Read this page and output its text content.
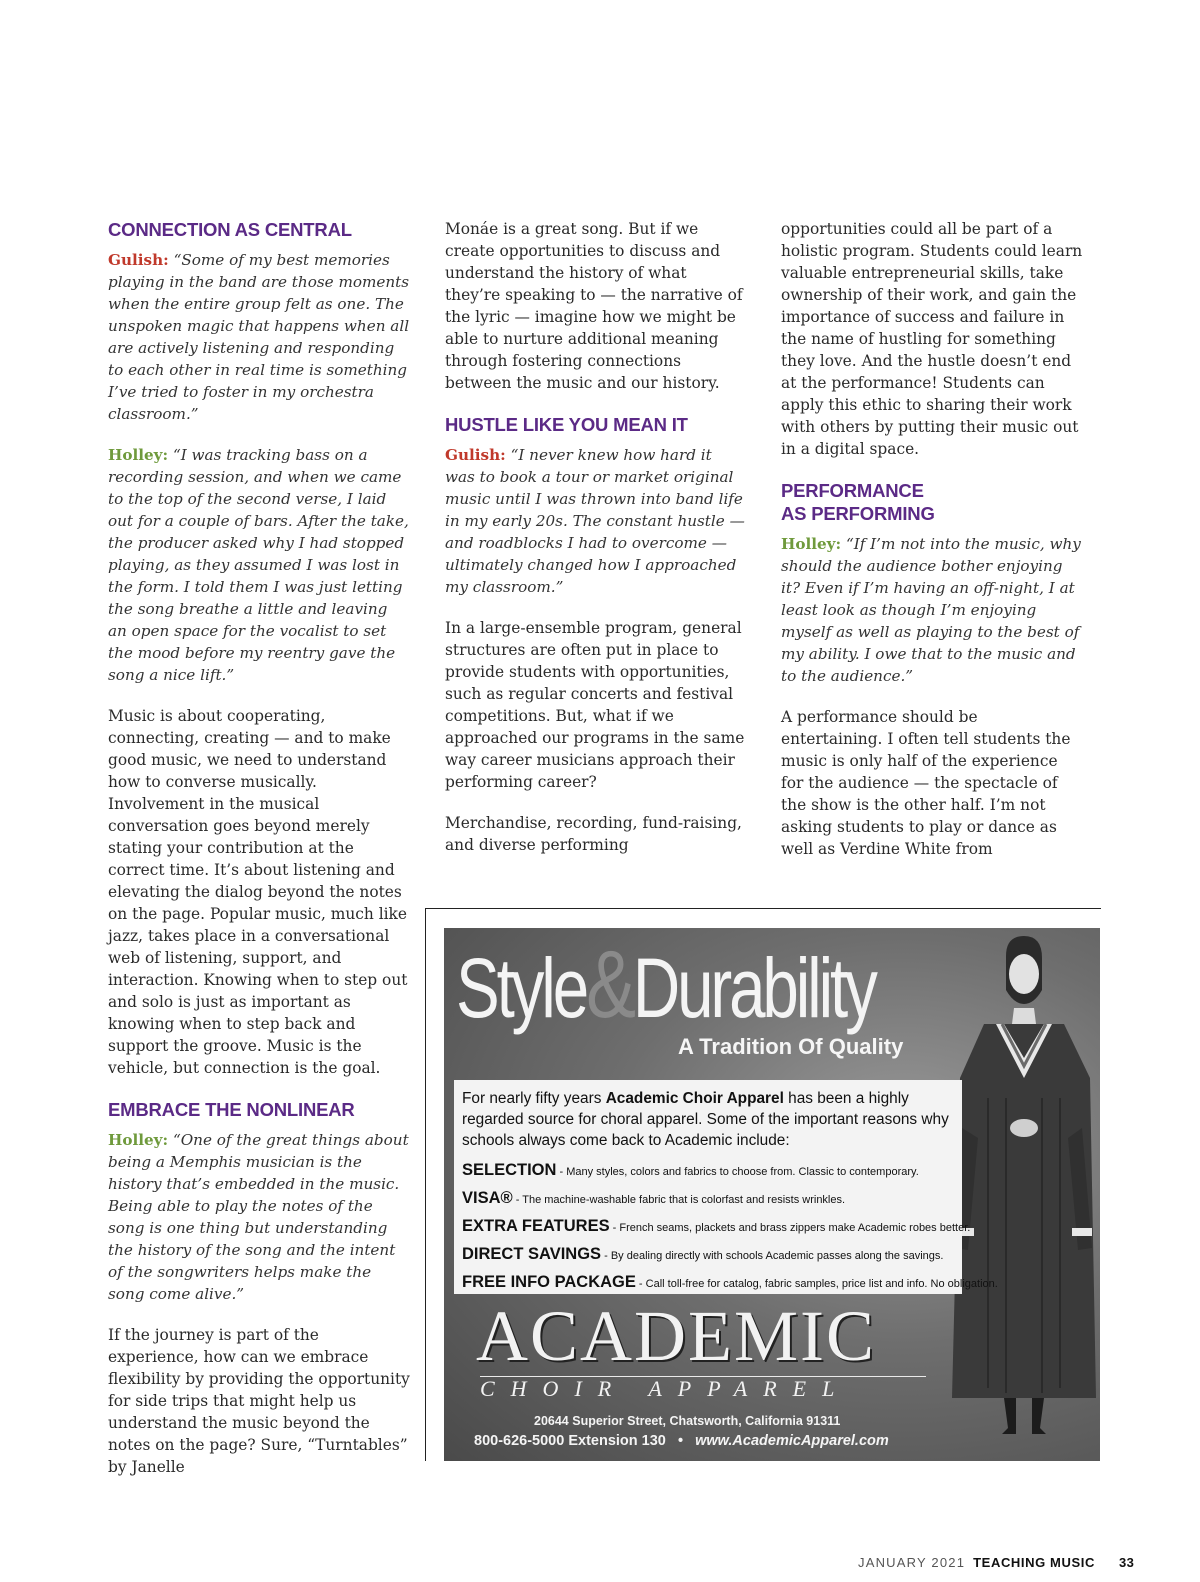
CONNECTION AS CENTRAL

Gulish: “Some of my best memories playing in the band are those moments when the entire group felt as one. The unspoken magic that happens when all are actively listening and responding to each other in real time is something I’ve tried to foster in my orchestra classroom.”

Holley: “I was tracking bass on a recording session, and when we came to the top of the second verse, I laid out for a couple of bars. After the take, the producer asked why I had stopped playing, as they assumed I was lost in the form. I told them I was just letting the song breathe a little and leaving an open space for the vocalist to set the mood before my reentry gave the song a nice lift.”

Music is about cooperating, connecting, creating — and to make good music, we need to understand how to converse musically. Involvement in the musical conversation goes beyond merely stating your contribution at the correct time. It’s about listening and elevating the dialog beyond the notes on the page. Popular music, much like jazz, takes place in a conversational web of listening, support, and interaction. Knowing when to step out and solo is just as important as knowing when to step back and support the groove. Music is the vehicle, but connection is the goal.

EMBRACE THE NONLINEAR

Holley: “One of the great things about being a Memphis musician is the history that’s embedded in the music. Being able to play the notes of the song is one thing but understanding the history of the song and the intent of the songwriters helps make the song come alive.”

If the journey is part of the experience, how can we embrace flexibility by providing the opportunity for side trips that might help us understand the music beyond the notes on the page? Sure, “Turntables” by Janelle

Monáe is a great song. But if we create opportunities to discuss and understand the history of what they’re speaking to — the narrative of the lyric — imagine how we might be able to nurture additional meaning through fostering connections between the music and our history.

HUSTLE LIKE YOU MEAN IT

Gulish: “I never knew how hard it was to book a tour or market original music until I was thrown into band life in my early 20s. The constant hustle — and roadblocks I had to overcome — ultimately changed how I approached my classroom.”

In a large-ensemble program, general structures are often put in place to provide students with opportunities, such as regular concerts and festival competitions. But, what if we approached our programs in the same way career musicians approach their performing career?

Merchandise, recording, fund-raising, and diverse performing

opportunities could all be part of a holistic program. Students could learn valuable entrepreneurial skills, take ownership of their work, and gain the importance of success and failure in the name of hustling for something they love. And the hustle doesn’t end at the performance! Students can apply this ethic to sharing their work with others by putting their music out in a digital space.

PERFORMANCE
AS PERFORMING

Holley: “If I’m not into the music, why should the audience bother enjoying it? Even if I’m having an off-night, I at least look as though I’m enjoying myself as well as playing to the best of my ability. I owe that to the music and to the audience.”

A performance should be entertaining. I often tell students the music is only half of the experience for the audience — the spectacle of the show is the other half. I’m not asking students to play or dance as well as Verdine White from

Style&Durability
A Tradition Of Quality
For nearly fifty years Academic Choir Apparel has been a highly regarded source for choral apparel. Some of the important reasons why schools always come back to Academic include:
SELECTION - Many styles, colors and fabrics to choose from. Classic to contemporary.
VISA® - The machine-washable fabric that is colorfast and resists wrinkles.
EXTRA FEATURES - French seams, plackets and brass zippers make Academic robes better.
DIRECT SAVINGS - By dealing directly with schools Academic passes along the savings.
FREE INFO PACKAGE - Call toll-free for catalog, fabric samples, price list and info. No obligation.
ACADEMIC
CHOIR APPAREL
20644 Superior Street, Chatsworth, California 91311
800-626-5000 Extension 130 • www.AcademicApparel.com
JANUARY 2021 TEACHING MUSIC 33
